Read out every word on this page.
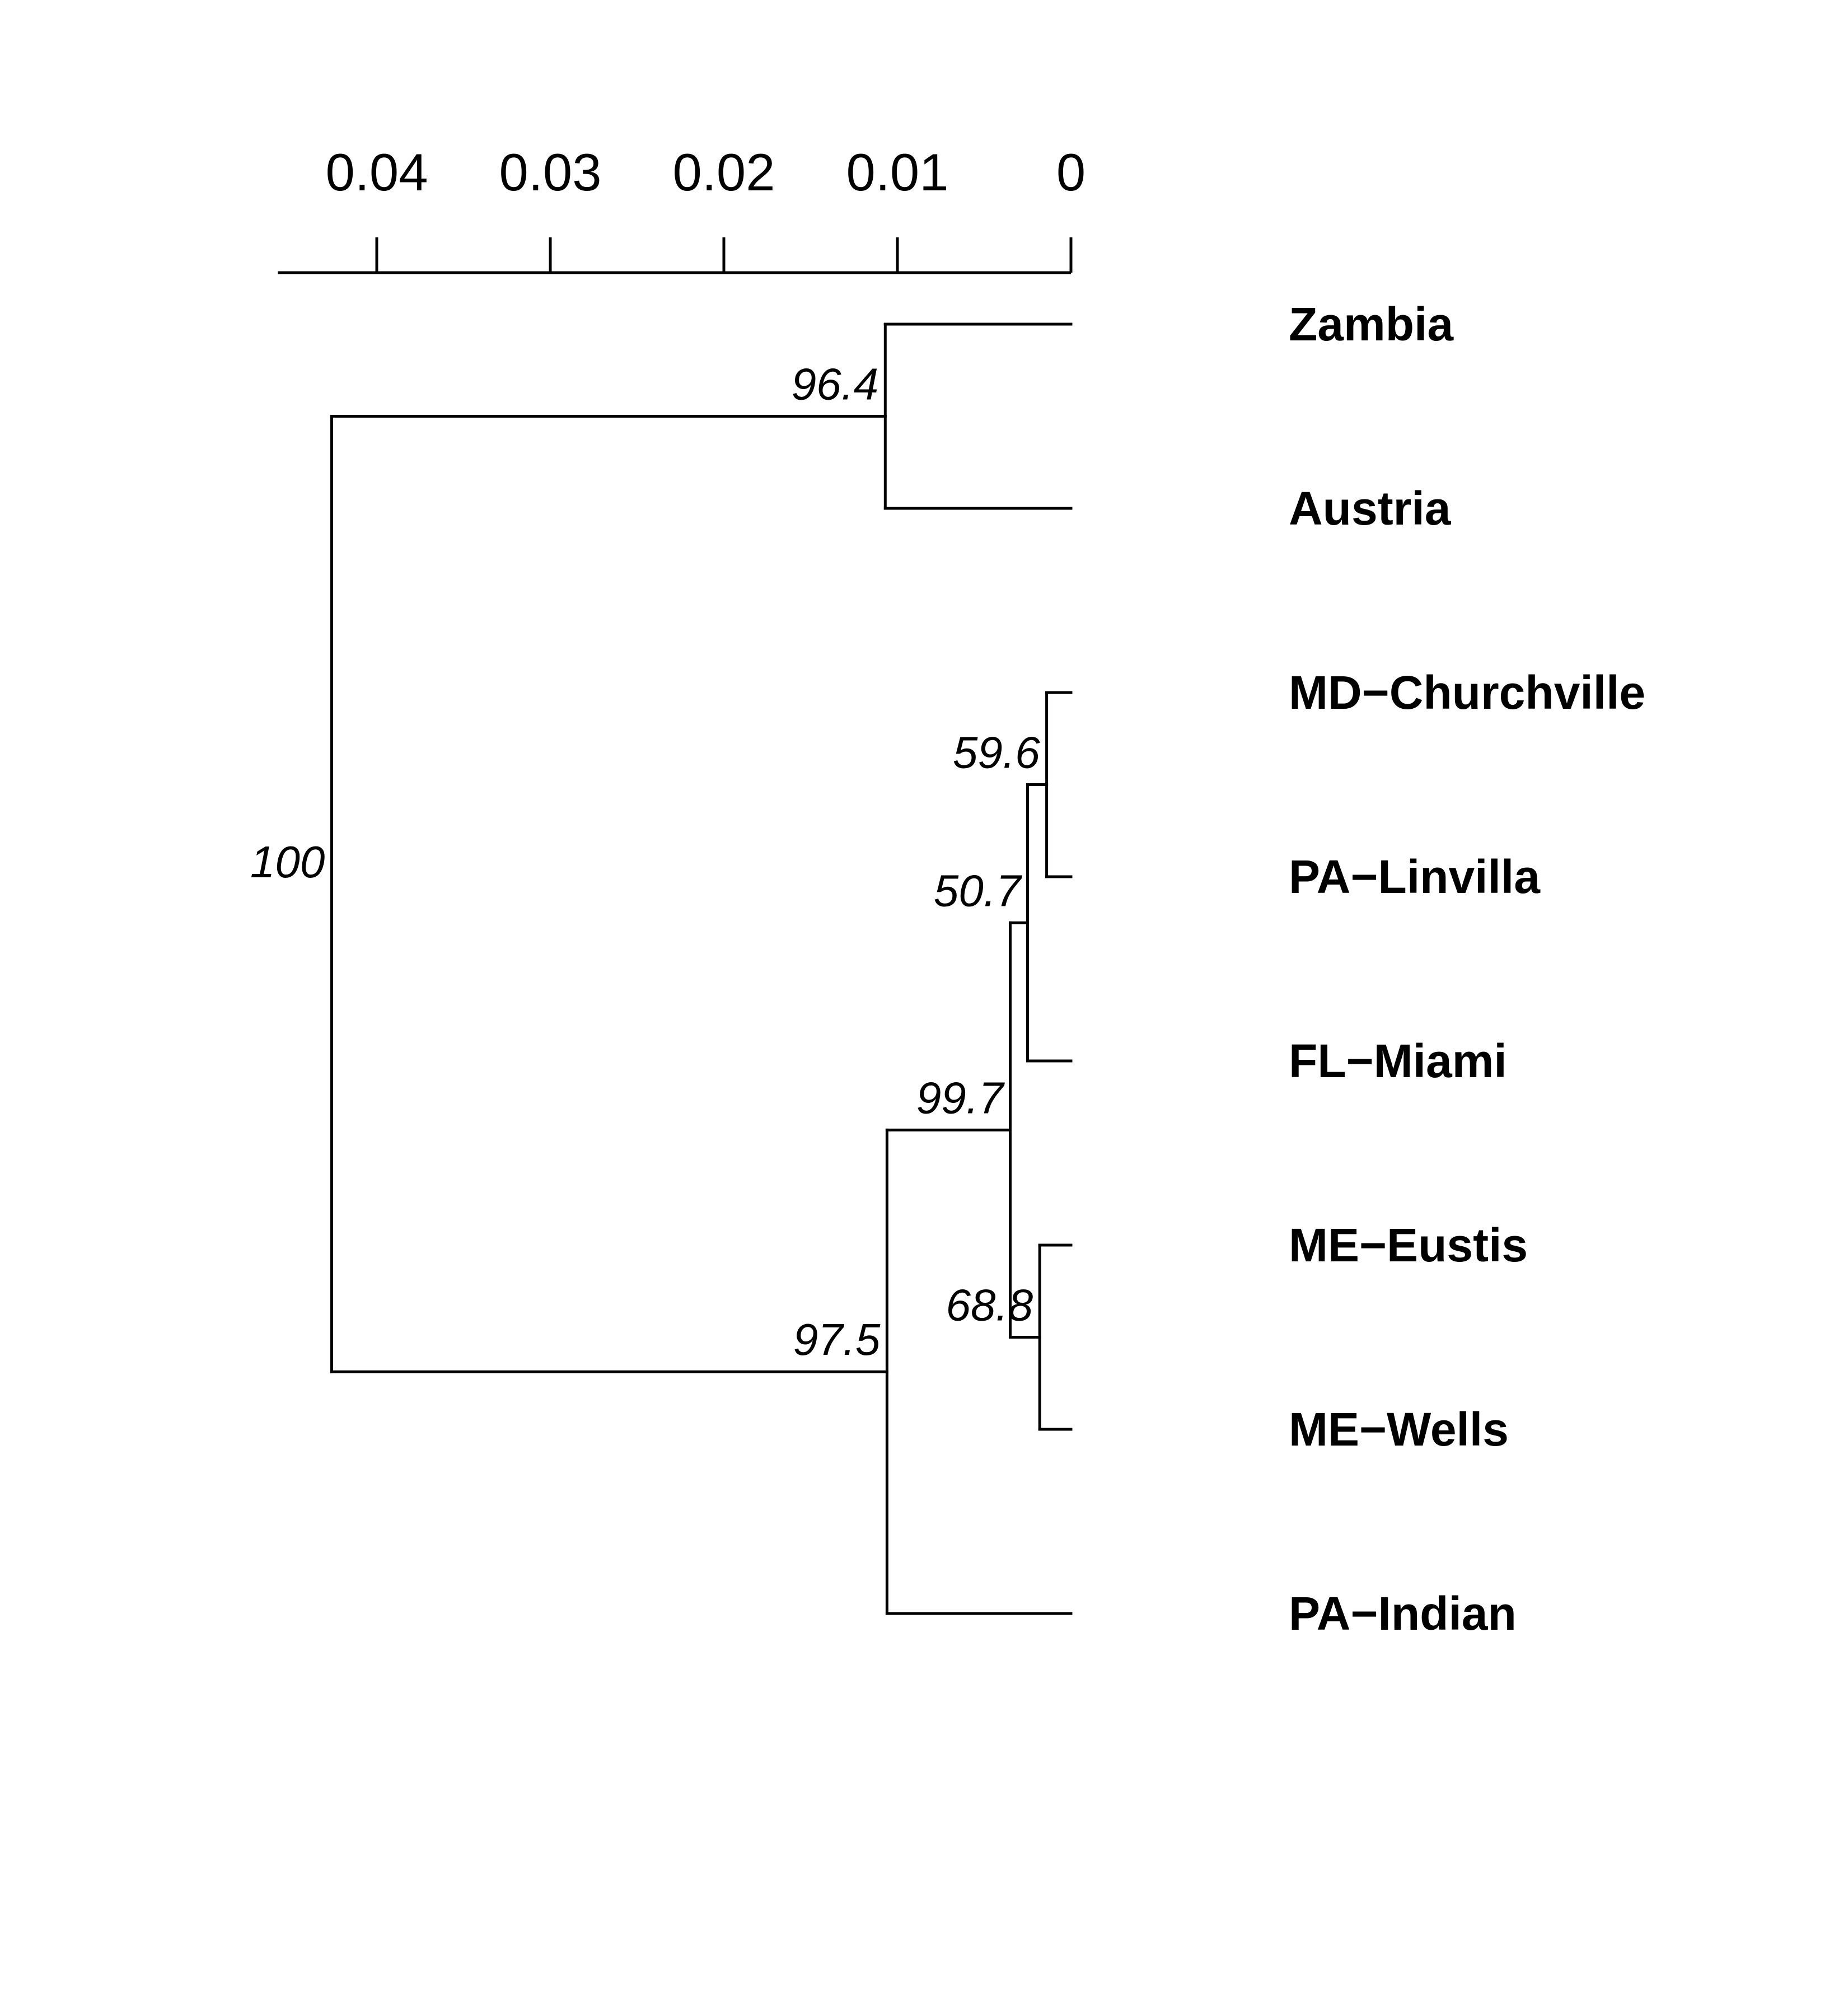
0.04 0.03 0.02 0.01 0
96.4
59.6
50.7
68.8
99.7
97.5
100
Zambia
Austria
MD−Churchville
PA−Linvilla
FL−Miami
ME−Eustis
ME−Wells
PA−Indian
